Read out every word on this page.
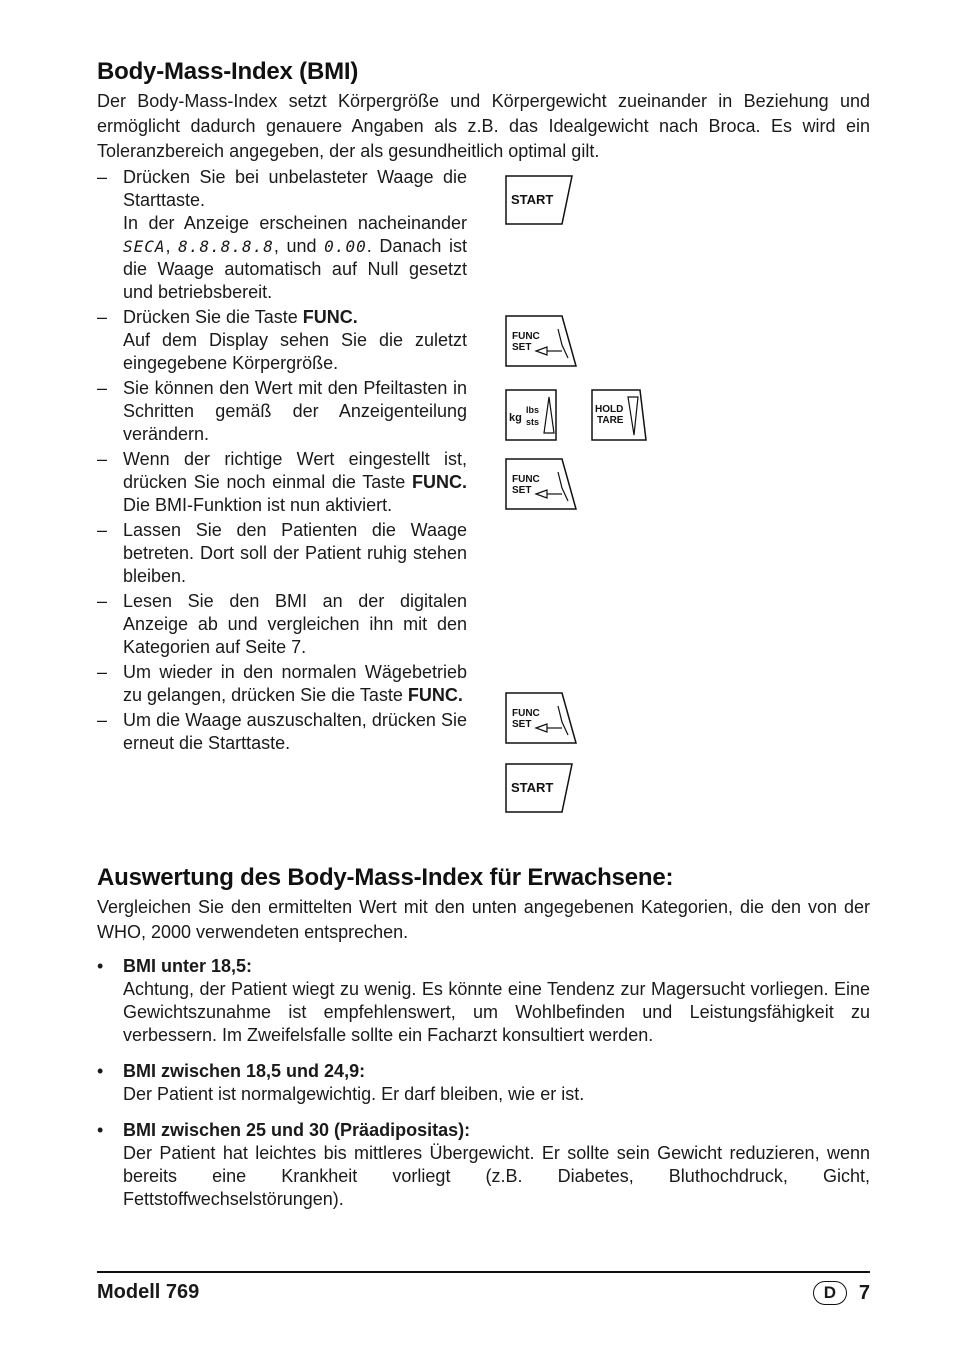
Body-Mass-Index (BMI)

Der Body-Mass-Index setzt Körpergröße und Körpergewicht zueinander in Beziehung und ermöglicht dadurch genauere Angaben als z.B. das Idealgewicht nach Broca. Es wird ein Toleranzbereich angegeben, der als gesundheitlich optimal gilt.

– Drücken Sie bei unbelasteter Waage die Starttaste.

In der Anzeige erscheinen nacheinander SECA, 8.8.8.8.8, und 0.00. Danach ist die Waage automatisch auf Null gesetzt und betriebsbereit.

– Drücken Sie die Taste FUNC.

Auf dem Display sehen Sie die zuletzt eingegebene Körpergröße.

– Sie können den Wert mit den Pfeiltasten in Schritten gemäß der Anzeigenteilung verändern.

– Wenn der richtige Wert eingestellt ist, drücken Sie noch einmal die Taste FUNC. Die BMI-Funktion ist nun aktiviert.

– Lassen Sie den Patienten die Waage betreten. Dort soll der Patient ruhig stehen bleiben.

– Lesen Sie den BMI an der digitalen Anzeige ab und vergleichen ihn mit den Kategorien auf Seite 7.

– Um wieder in den normalen Wägebetrieb zu gelangen, drücken Sie die Taste FUNC.

– Um die Waage auszuschalten, drücken Sie erneut die Starttaste.

START
FUNC
SET
kg
lbs
sts
HOLD
TARE
FUNC
SET
FUNC
SET
START
Auswertung des Body-Mass-Index für Erwachsene:

Vergleichen Sie den ermittelten Wert mit den unten angegebenen Kategorien, die den von der WHO, 2000 verwendeten entsprechen.

• BMI unter 18,5:
Achtung, der Patient wiegt zu wenig. Es könnte eine Tendenz zur Magersucht vorliegen. Eine Gewichtszunahme ist empfehlenswert, um Wohlbefinden und Leistungsfähigkeit zu verbessern. Im Zweifelsfalle sollte ein Facharzt konsultiert werden.
• BMI zwischen 18,5 und 24,9:
Der Patient ist normalgewichtig. Er darf bleiben, wie er ist.
• BMI zwischen 25 und 30 (Präadipositas):
Der Patient hat leichtes bis mittleres Übergewicht. Er sollte sein Gewicht reduzieren, wenn bereits eine Krankheit vorliegt (z.B. Diabetes, Bluthochdruck, Gicht, Fettstoffwechselstörungen).
Modell 769	D	7
